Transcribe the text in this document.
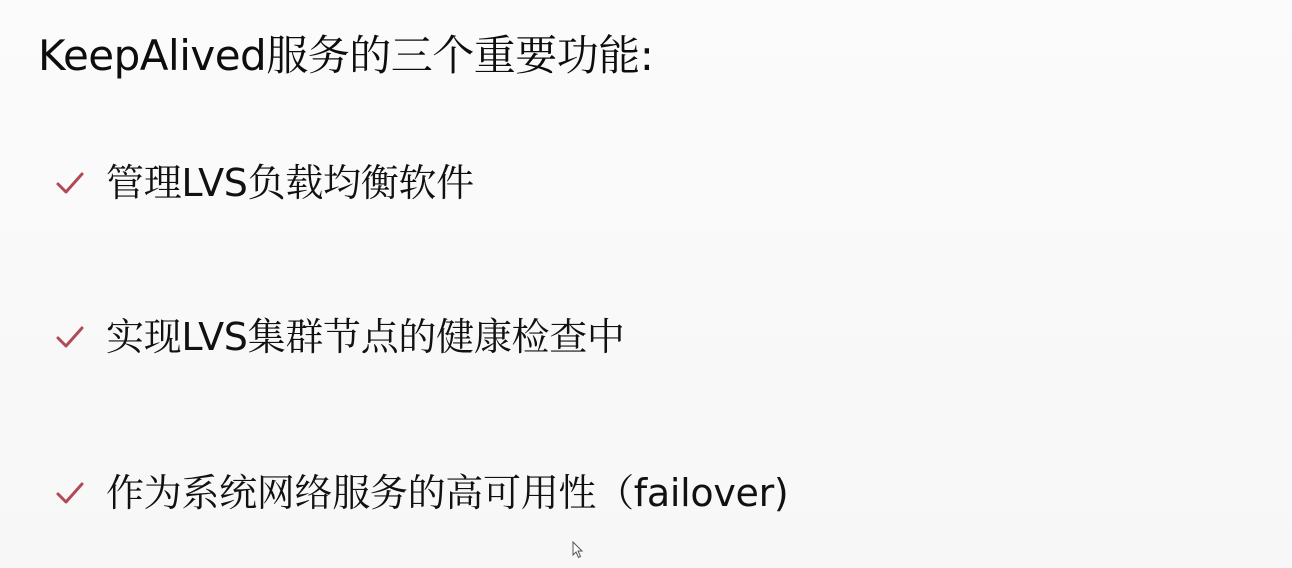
KeepAlived服务的三个重要功能:
管理LVS负载均衡软件
实现LVS集群节点的健康检查中
作为系统网络服务的高可用性（failover)
